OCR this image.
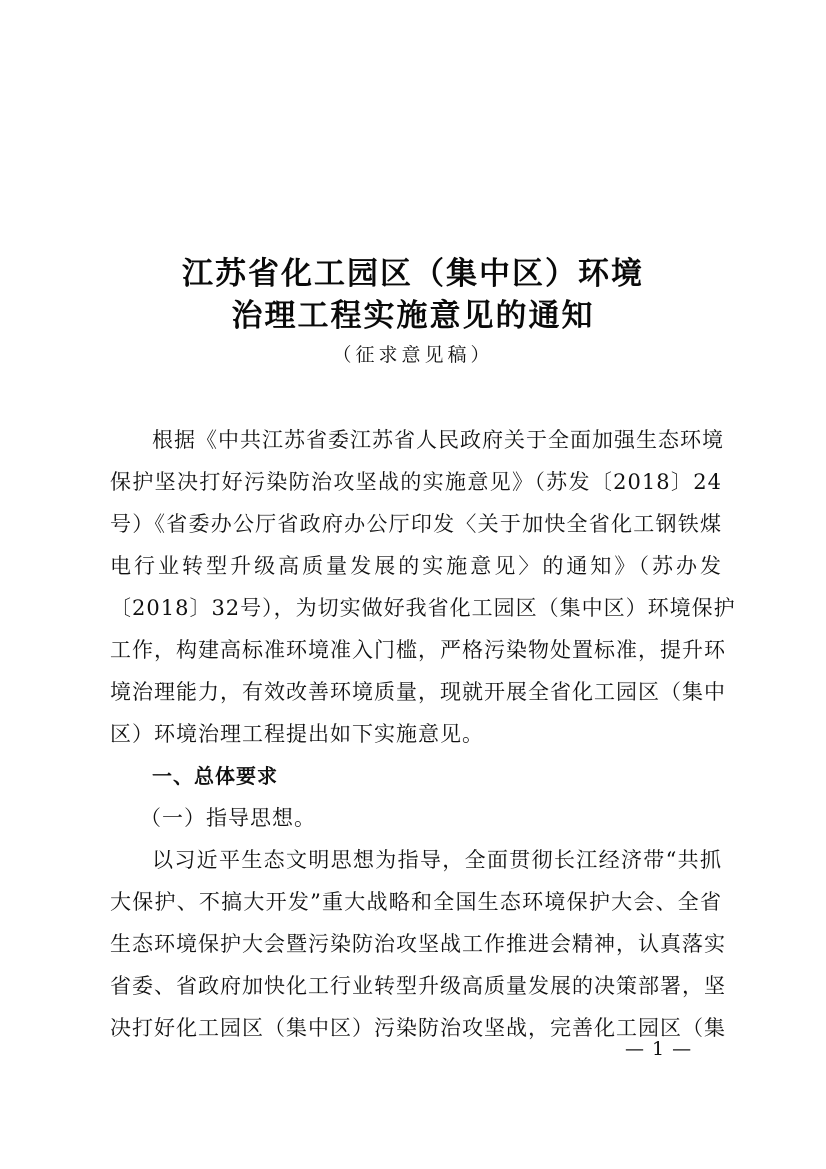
江苏省化工园区（集中区）环境
治理工程实施意见的通知
（征求意见稿）
根据《中共江苏省委江苏省人民政府关于全面加强生态环境
保护坚决打好污染防治攻坚战的实施意见》（苏发〔2018〕24
号）《省委办公厅省政府办公厅印发〈关于加快全省化工钢铁煤
电行业转型升级高质量发展的实施意见〉的通知》（苏办发
〔2018〕32号），为切实做好我省化工园区（集中区）环境保护
工作，构建高标准环境准入门槛，严格污染物处置标准，提升环
境治理能力，有效改善环境质量，现就开展全省化工园区（集中
区）环境治理工程提出如下实施意见。
一、总体要求
（一）指导思想。
以习近平生态文明思想为指导，全面贯彻长江经济带“共抓
大保护、不搞大开发”重大战略和全国生态环境保护大会、全省
生态环境保护大会暨污染防治攻坚战工作推进会精神，认真落实
省委、省政府加快化工行业转型升级高质量发展的决策部署，坚
决打好化工园区（集中区）污染防治攻坚战，完善化工园区（集
— 1 —
